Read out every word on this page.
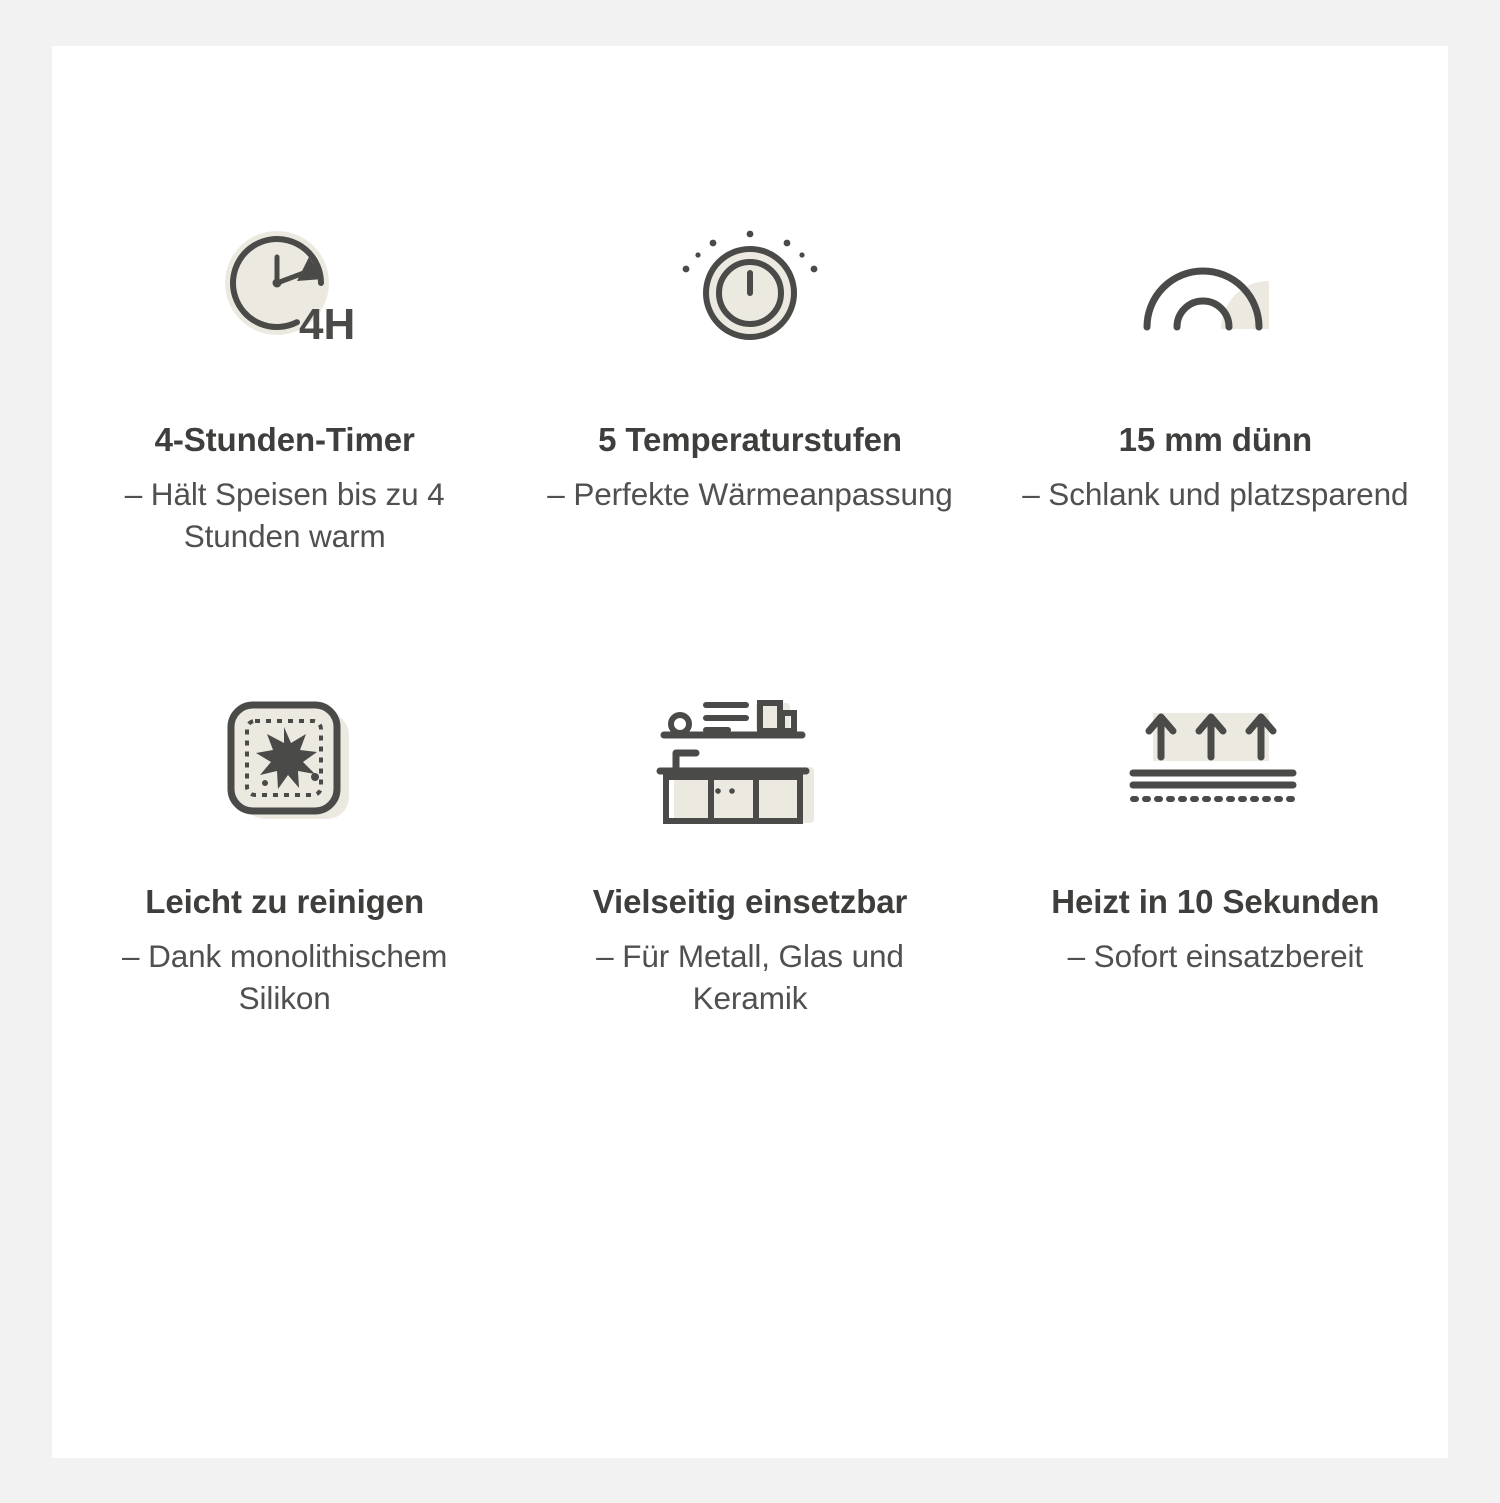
4H
4-Stunden-Timer
– Hält Speisen bis zu 4 Stunden warm
5 Temperaturstufen
– Perfekte Wärmeanpassung
15 mm dünn
– Schlank und platzsparend
Leicht zu reinigen
– Dank monolithischem Silikon
Vielseitig einsetzbar
– Für Metall, Glas und Keramik
Heizt in 10 Sekunden
– Sofort einsatzbereit
